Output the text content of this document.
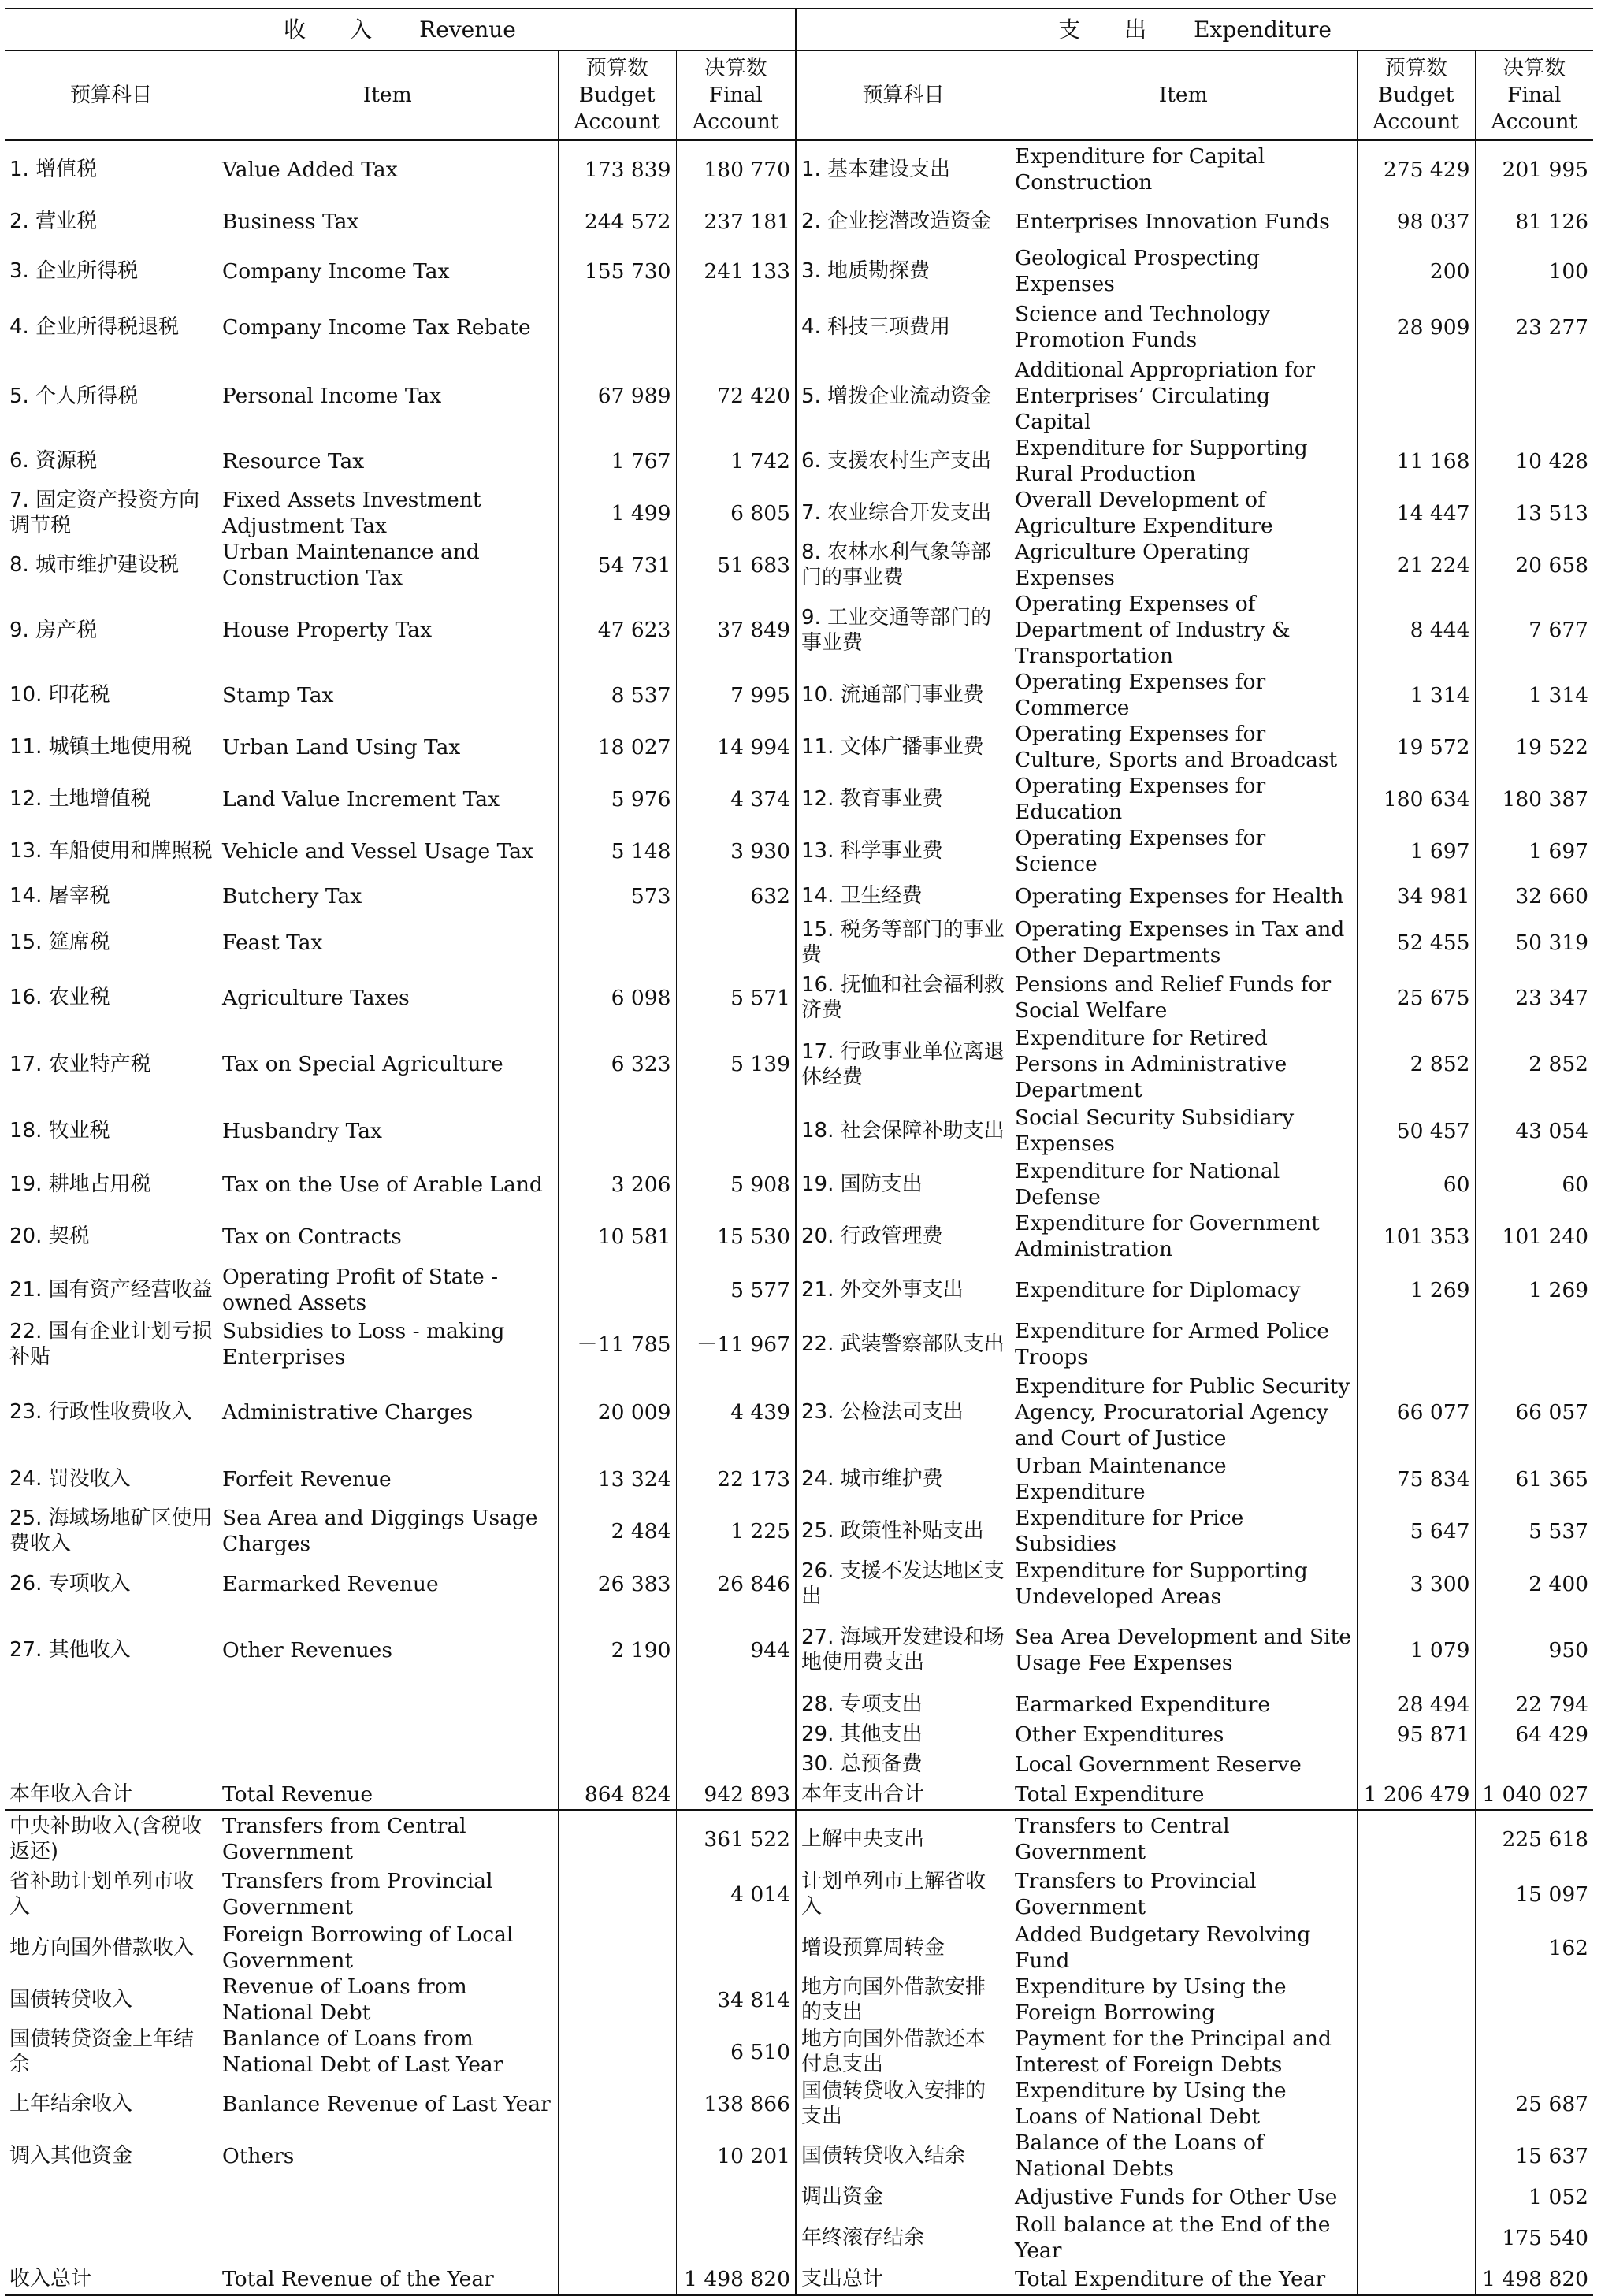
收　　入 Revenue				支　　出 Expenditure			
预算科目	Item	预算数 Budget Account	决算数 Final Account	预算科目	Item	预算数 Budget Account	决算数 Final Account
1. 增值税	Value Added Tax	173 839	180 770	1. 基本建设支出	Expenditure for Capital Construction	275 429	201 995
2. 营业税	Business Tax	244 572	237 181	2. 企业挖潜改造资金	Enterprises Innovation Funds	98 037	81 126
3. 企业所得税	Company Income Tax	155 730	241 133	3. 地质勘探费	Geological Prospecting Expenses	200	100
4. 企业所得税退税	Company Income Tax Rebate			4. 科技三项费用	Science and Technology Promotion Funds	28 909	23 277
5. 个人所得税	Personal Income Tax	67 989	72 420	5. 增拨企业流动资金	Additional Appropriation for Enterprises’ Circulating Capital		
6. 资源税	Resource Tax	1 767	1 742	6. 支援农村生产支出	Expenditure for Supporting Rural Production	11 168	10 428
7. 固定资产投资方向调节税	Fixed Assets Investment Adjustment Tax	1 499	6 805	7. 农业综合开发支出	Overall Development of Agriculture Expenditure	14 447	13 513
8. 城市维护建设税	Urban Maintenance and Construction Tax	54 731	51 683	8. 农林水利气象等部门的事业费	Agriculture Operating Expenses	21 224	20 658
9. 房产税	House Property Tax	47 623	37 849	9. 工业交通等部门的事业费	Operating Expenses of Department of Industry & Transportation	8 444	7 677
10. 印花税	Stamp Tax	8 537	7 995	10. 流通部门事业费	Operating Expenses for Commerce	1 314	1 314
11. 城镇土地使用税	Urban Land Using Tax	18 027	14 994	11. 文体广播事业费	Operating Expenses for Culture, Sports and Broadcast	19 572	19 522
12. 土地增值税	Land Value Increment Tax	5 976	4 374	12. 教育事业费	Operating Expenses for Education	180 634	180 387
13. 车船使用和牌照税	Vehicle and Vessel Usage Tax	5 148	3 930	13. 科学事业费	Operating Expenses for Science	1 697	1 697
14. 屠宰税	Butchery Tax	573	632	14. 卫生经费	Operating Expenses for Health	34 981	32 660
15. 筵席税	Feast Tax			15. 税务等部门的事业费	Operating Expenses in Tax and Other Departments	52 455	50 319
16. 农业税	Agriculture Taxes	6 098	5 571	16. 抚恤和社会福利救济费	Pensions and Relief Funds for Social Welfare	25 675	23 347
17. 农业特产税	Tax on Special Agriculture	6 323	5 139	17. 行政事业单位离退休经费	Expenditure for Retired Persons in Administrative Department	2 852	2 852
18. 牧业税	Husbandry Tax			18. 社会保障补助支出	Social Security Subsidiary Expenses	50 457	43 054
19. 耕地占用税	Tax on the Use of Arable Land	3 206	5 908	19. 国防支出	Expenditure for National Defense	60	60
20. 契税	Tax on Contracts	10 581	15 530	20. 行政管理费	Expenditure for Government Administration	101 353	101 240
21. 国有资产经营收益	Operating Profit of State - owned Assets		5 577	21. 外交外事支出	Expenditure for Diplomacy	1 269	1 269
22. 国有企业计划亏损补贴	Subsidies to Loss - making Enterprises	－11 785	－11 967	22. 武装警察部队支出	Expenditure for Armed Police Troops		
23. 行政性收费收入	Administrative Charges	20 009	4 439	23. 公检法司支出	Expenditure for Public Security Agency, Procuratorial Agency and Court of Justice	66 077	66 057
24. 罚没收入	Forfeit Revenue	13 324	22 173	24. 城市维护费	Urban Maintenance Expenditure	75 834	61 365
25. 海域场地矿区使用费收入	Sea Area and Diggings Usage Charges	2 484	1 225	25. 政策性补贴支出	Expenditure for Price Subsidies	5 647	5 537
26. 专项收入	Earmarked Revenue	26 383	26 846	26. 支援不发达地区支出	Expenditure for Supporting Undeveloped Areas	3 300	2 400
27. 其他收入	Other Revenues	2 190	944	27. 海域开发建设和场地使用费支出	Sea Area Development and Site Usage Fee Expenses	1 079	950
				28. 专项支出	Earmarked Expenditure	28 494	22 794
				29. 其他支出	Other Expenditures	95 871	64 429
				30. 总预备费	Local Government Reserve		
本年收入合计	Total Revenue	864 824	942 893	本年支出合计	Total Expenditure	1 206 479	1 040 027
中央补助收入(含税收返还)	Transfers from Central Government		361 522	上解中央支出	Transfers to Central Government		225 618
省补助计划单列市收入	Transfers from Provincial Government		4 014	计划单列市上解省收入	Transfers to Provincial Government		15 097
地方向国外借款收入	Foreign Borrowing of Local Government			增设预算周转金	Added Budgetary Revolving Fund		162
国债转贷收入	Revenue of Loans from National Debt		34 814	地方向国外借款安排的支出	Expenditure by Using the Foreign Borrowing		
国债转贷资金上年结余	Banlance of Loans from National Debt of Last Year		6 510	地方向国外借款还本付息支出	Payment for the Principal and Interest of Foreign Debts		
上年结余收入	Banlance Revenue of Last Year		138 866	国债转贷收入安排的支出	Expenditure by Using the Loans of National Debt		25 687
调入其他资金	Others		10 201	国债转贷收入结余	Balance of the Loans of National Debts		15 637
				调出资金	Adjustive Funds for Other Use		1 052
				年终滚存结余	Roll balance at the End of the Year		175 540
收入总计	Total Revenue of the Year		1 498 820	支出总计	Total Expenditure of the Year		1 498 820
